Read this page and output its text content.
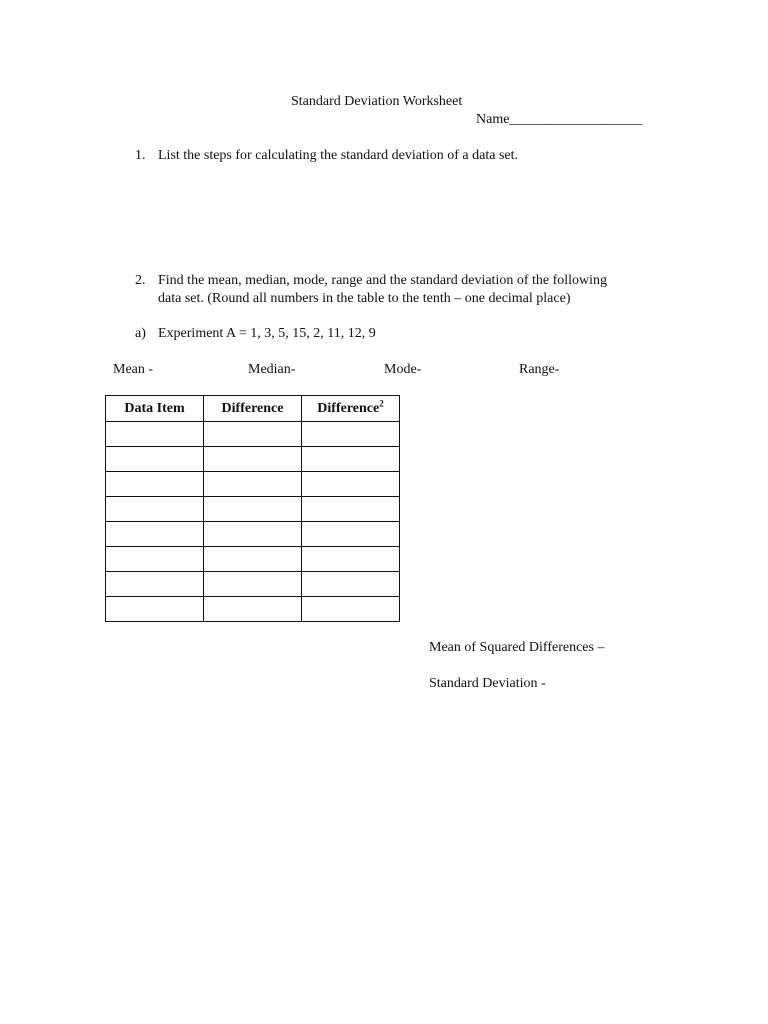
Standard Deviation Worksheet
Name___________________
1. List the steps for calculating the standard deviation of a data set.
2. Find the mean, median, mode, range and the standard deviation of the following
data set. (Round all numbers in the table to the tenth – one decimal place)
a) Experiment A = 1, 3, 5, 15, 2, 11, 12, 9
Mean -	Median-	Mode-	Range-
Data Item	Difference	Difference$^2$

Mean of Squared Differences –
Standard Deviation -
